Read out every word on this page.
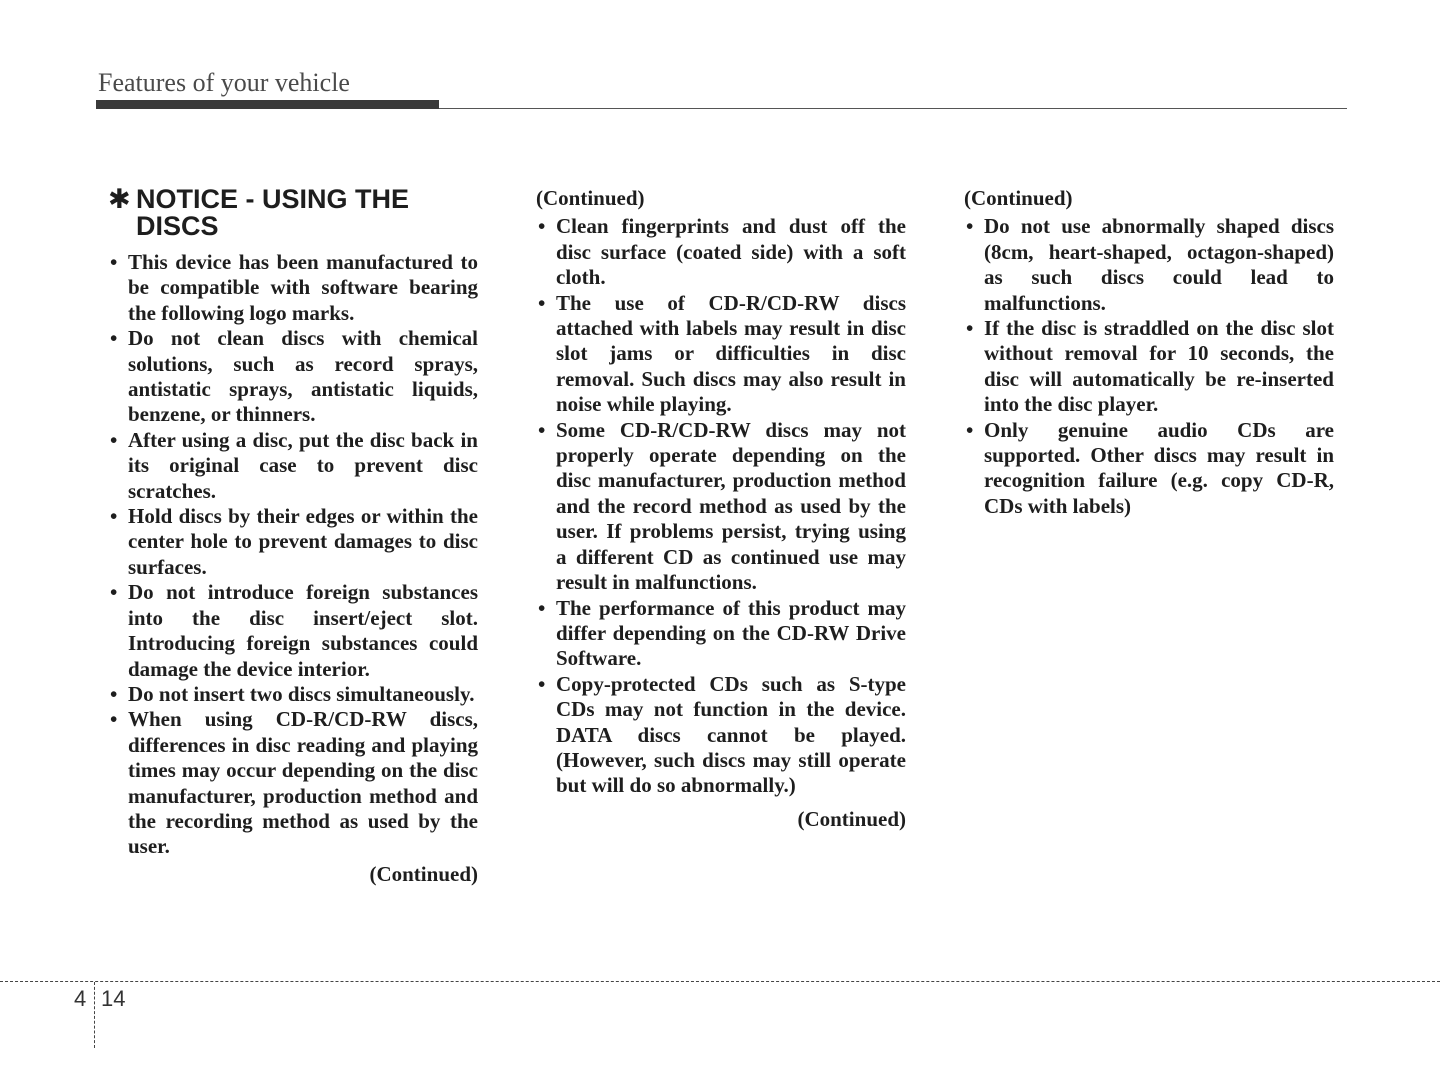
Features of your vehicle
✱ NOTICE - USING THE DISCS
• This device has been manufactured to be compatible with software bearing the following logo marks.
• Do not clean discs with chemical solutions, such as record sprays, antistatic sprays, antistatic liquids, benzene, or thinners.
• After using a disc, put the disc back in its original case to prevent disc scratches.
• Hold discs by their edges or within the center hole to prevent damages to disc surfaces.
• Do not introduce foreign substances into the disc insert/eject slot. Introducing foreign substances could damage the device interior.
• Do not insert two discs simultaneously.
• When using CD-R/CD-RW discs, differences in disc reading and playing times may occur depending on the disc manufacturer, production method and the recording method as used by the user.
(Continued)
(Continued)
• Clean fingerprints and dust off the disc surface (coated side) with a soft cloth.
• The use of CD-R/CD-RW discs attached with labels may result in disc slot jams or difficulties in disc removal. Such discs may also result in noise while playing.
• Some CD-R/CD-RW discs may not properly operate depending on the disc manufacturer, production method and the record method as used by the user. If problems persist, trying using a different CD as continued use may result in malfunctions.
• The performance of this product may differ depending on the CD-RW Drive Software.
• Copy-protected CDs such as S-type CDs may not function in the device. DATA discs cannot be played. (However, such discs may still operate but will do so abnormally.)
(Continued)
(Continued)
• Do not use abnormally shaped discs (8cm, heart-shaped, octagon-shaped) as such discs could lead to malfunctions.
• If the disc is straddled on the disc slot without removal for 10 seconds, the disc will automatically be re-inserted into the disc player.
• Only genuine audio CDs are supported. Other discs may result in recognition failure (e.g. copy CD-R, CDs with labels)
4 14
